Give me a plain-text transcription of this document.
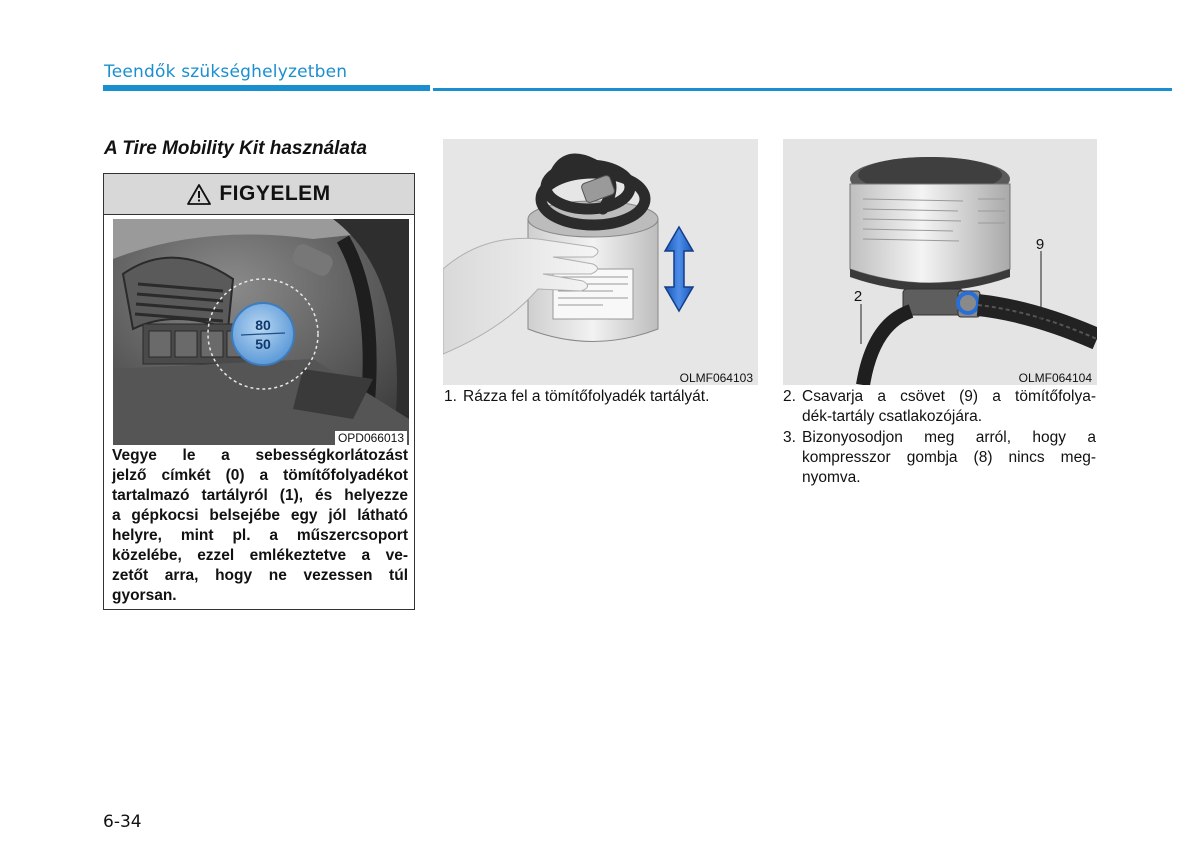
Teendők szükséghelyzetben
A Tire Mobility Kit használata
FIGYELEM
80
50
OPD066013
Vegye le a sebességkorlátozást
jelző címkét (0) a tömítőfolyadékot
tartalmazó tartályról (1), és helyezze
a gépkocsi belsejébe egy jól látható
helyre, mint pl. a műszercsoport
közelébe, ezzel emlékeztetve a ve-
zetőt arra, hogy ne vezessen túl
gyorsan.
OLMF064103
2
9
OLMF064104
1. Rázza fel a tömítőfolyadék tartályát.	2. Csavarja a csövet (9) a tömítőfolya-
dék-tartály csatlakozójára.
3. Bizonyosodjon meg arról, hogy a
kompresszor gombja (8) nincs meg-
nyomva.
6-34
